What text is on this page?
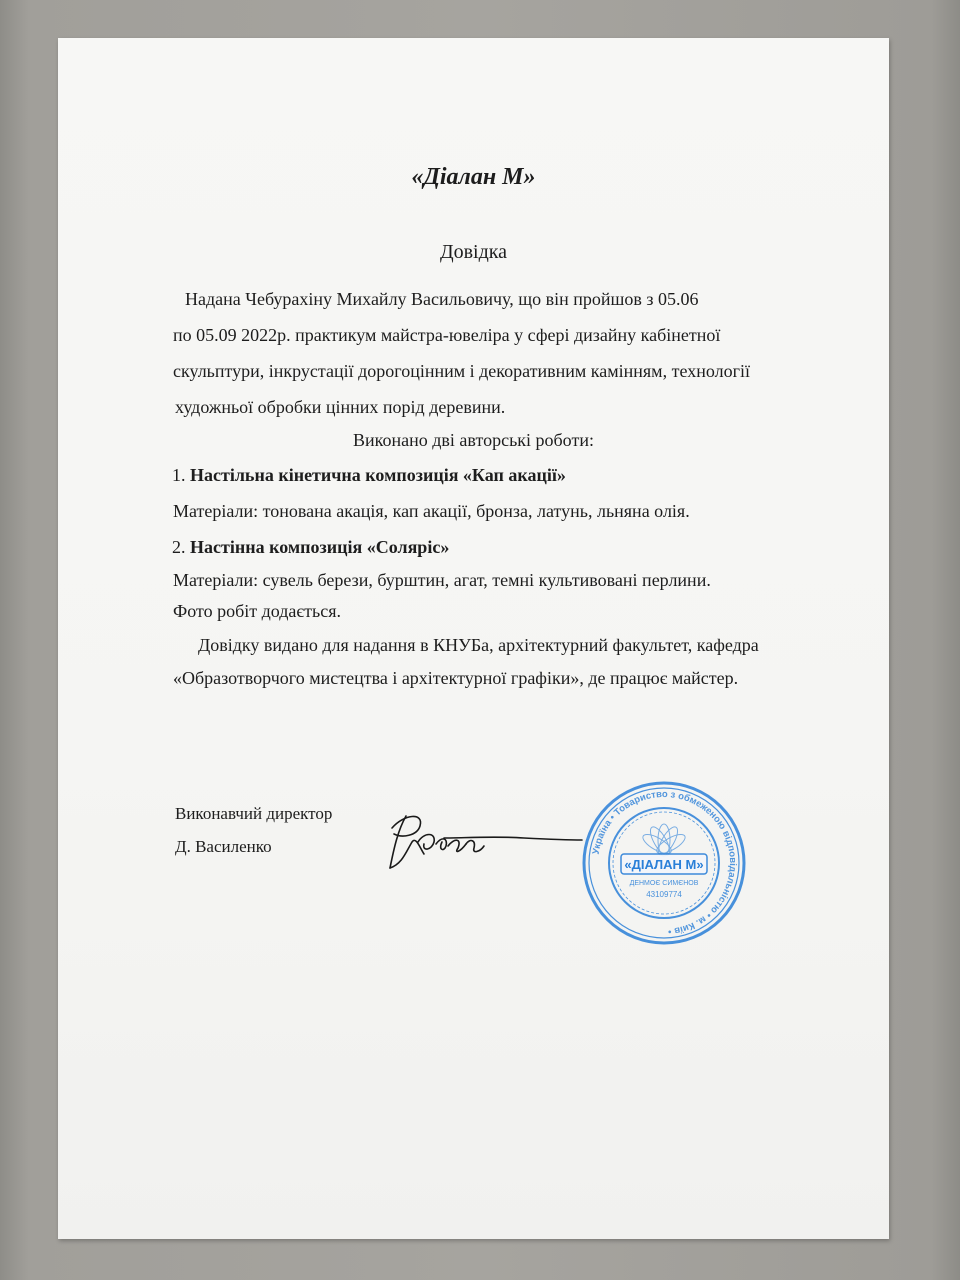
«Діалан М»
Довідка
Надана Чебурахіну Михайлу Васильовичу, що він пройшов з 05.06
по 05.09 2022р. практикум майстра-ювеліра у сфері дизайну кабінетної
скульптури, інкрустації дорогоцінним і декоративним камінням, технології
художньої обробки цінних порід деревини.
Виконано дві авторські роботи:
1. Настільна кінетична композиція «Кап акації»
Матеріали: тонована акація, кап акації, бронза, латунь, льняна олія.
2. Настінна композиція «Соляріс»
Матеріали: сувель берези, бурштин, агат, темні культивовані перлини.
Фото робіт додається.
Довідку видано для надання в КНУБа, архітектурний факультет, кафедра
«Образотворчого мистецтва і архітектурної графіки», де працює майстер.
Виконавчий директор
Д. Василенко	Україна • Товариство з обмеженою відповідальністю • м. Київ •
«ДІАЛАН М»
ДЕНМОЄ СИМЄНОВ
43109774
